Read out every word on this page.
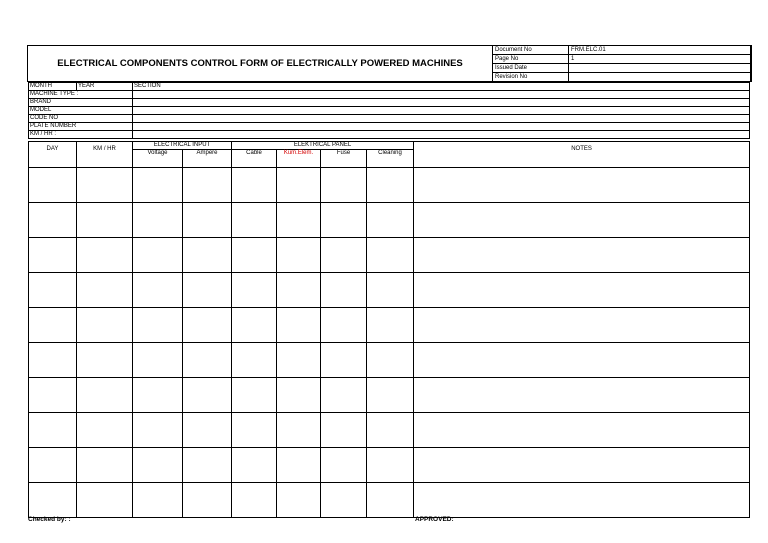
ELECTRICAL COMPONENTS CONTROL FORM OF ELECTRICALLY POWERED MACHINES
Document No	FRM.ELC.01
Page No	1
Issued Date	
Revision No	
MONTH	YEAR	SECTION
MACHINE TYPE :		
BRAND		
MODEL		
CODE NO		
PLATE NUMBER		
KM / HR :		
DAY	KM / HR	ELECTRICAL INPUT		ELEKTRICAL PANEL				NOTES
		Voltage	Ampere	Cable	Kum.Elem.	Fuse	Cleaning	

Checked by: :	APPROVED:
